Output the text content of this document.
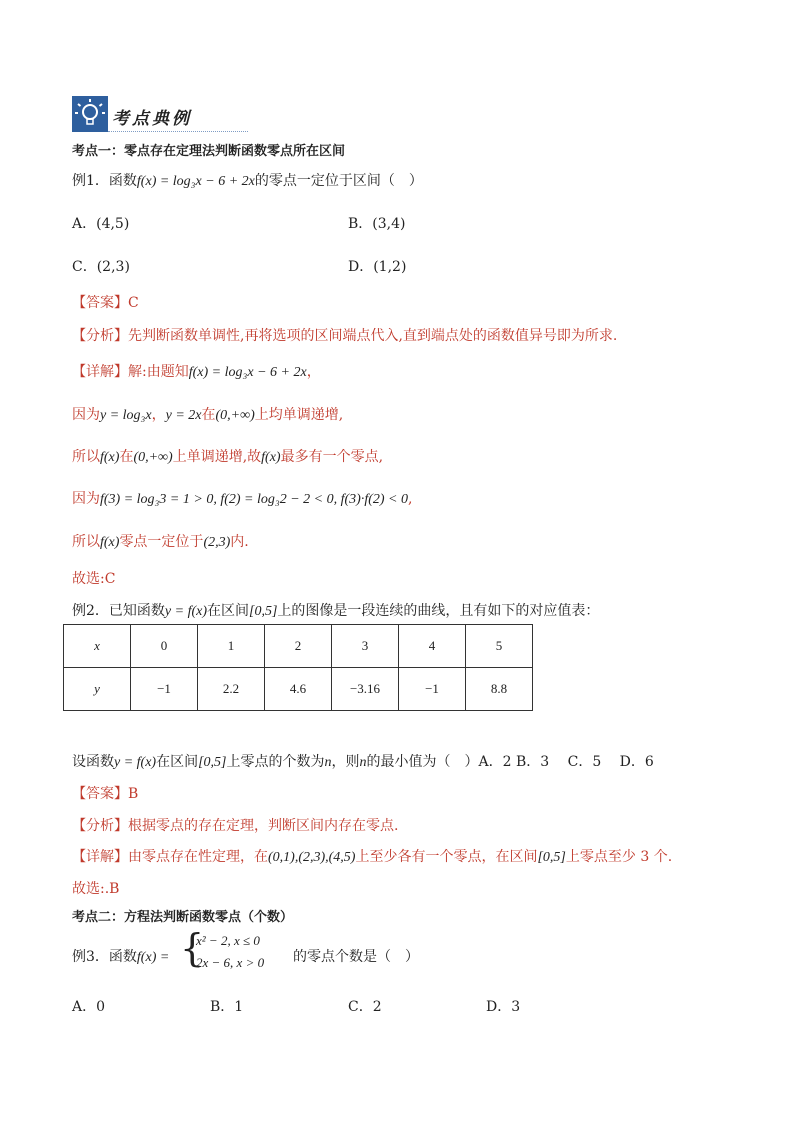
考点典例
考点一：零点存在定理法判断函数零点所在区间
例1．函数f(x) = log₃x − 6 + 2x的零点一定位于区间（　）
A．(4,5)	B．(3,4)
C．(2,3)	D．(1,2)
【答案】C
【分析】先判断函数单调性,再将选项的区间端点代入,直到端点处的函数值异号即为所求.
【详解】解:由题知f(x) = log₃x − 6 + 2x，
因为y = log₃x，y = 2x在(0,+∞)上均单调递增,
所以f(x)在(0,+∞)上单调递增,故f(x)最多有一个零点,
因为f(3) = log₃3 = 1 > 0, f(2) = log₃2 − 2 < 0, f(3)·f(2) < 0,
所以f(x)零点一定位于(2,3)内.
故选:C
例2．已知函数y = f(x)在区间[0,5]上的图像是一段连续的曲线，且有如下的对应值表：
x	0	1	2	3	4	5
y	−1	2.2	4.6	−3.16	−1	8.8
设函数y = f(x)在区间[0,5]上零点的个数为n，则n的最小值为（　）A．2 B．3　 C．5　 D．6
【答案】B
【分析】根据零点的存在定理，判断区间内存在零点.
【详解】由零点存在性定理，在(0,1),(2,3),(4,5)上至少各有一个零点，在区间[0,5]上零点至少 3 个.
故选:.B
考点二：方程法判断函数零点（个数）
例3．函数f(x) = {
x² − 2, x ≤ 0
2x − 6, x > 0 的零点个数是（　）
A．0	B．1	C．2	D．3
